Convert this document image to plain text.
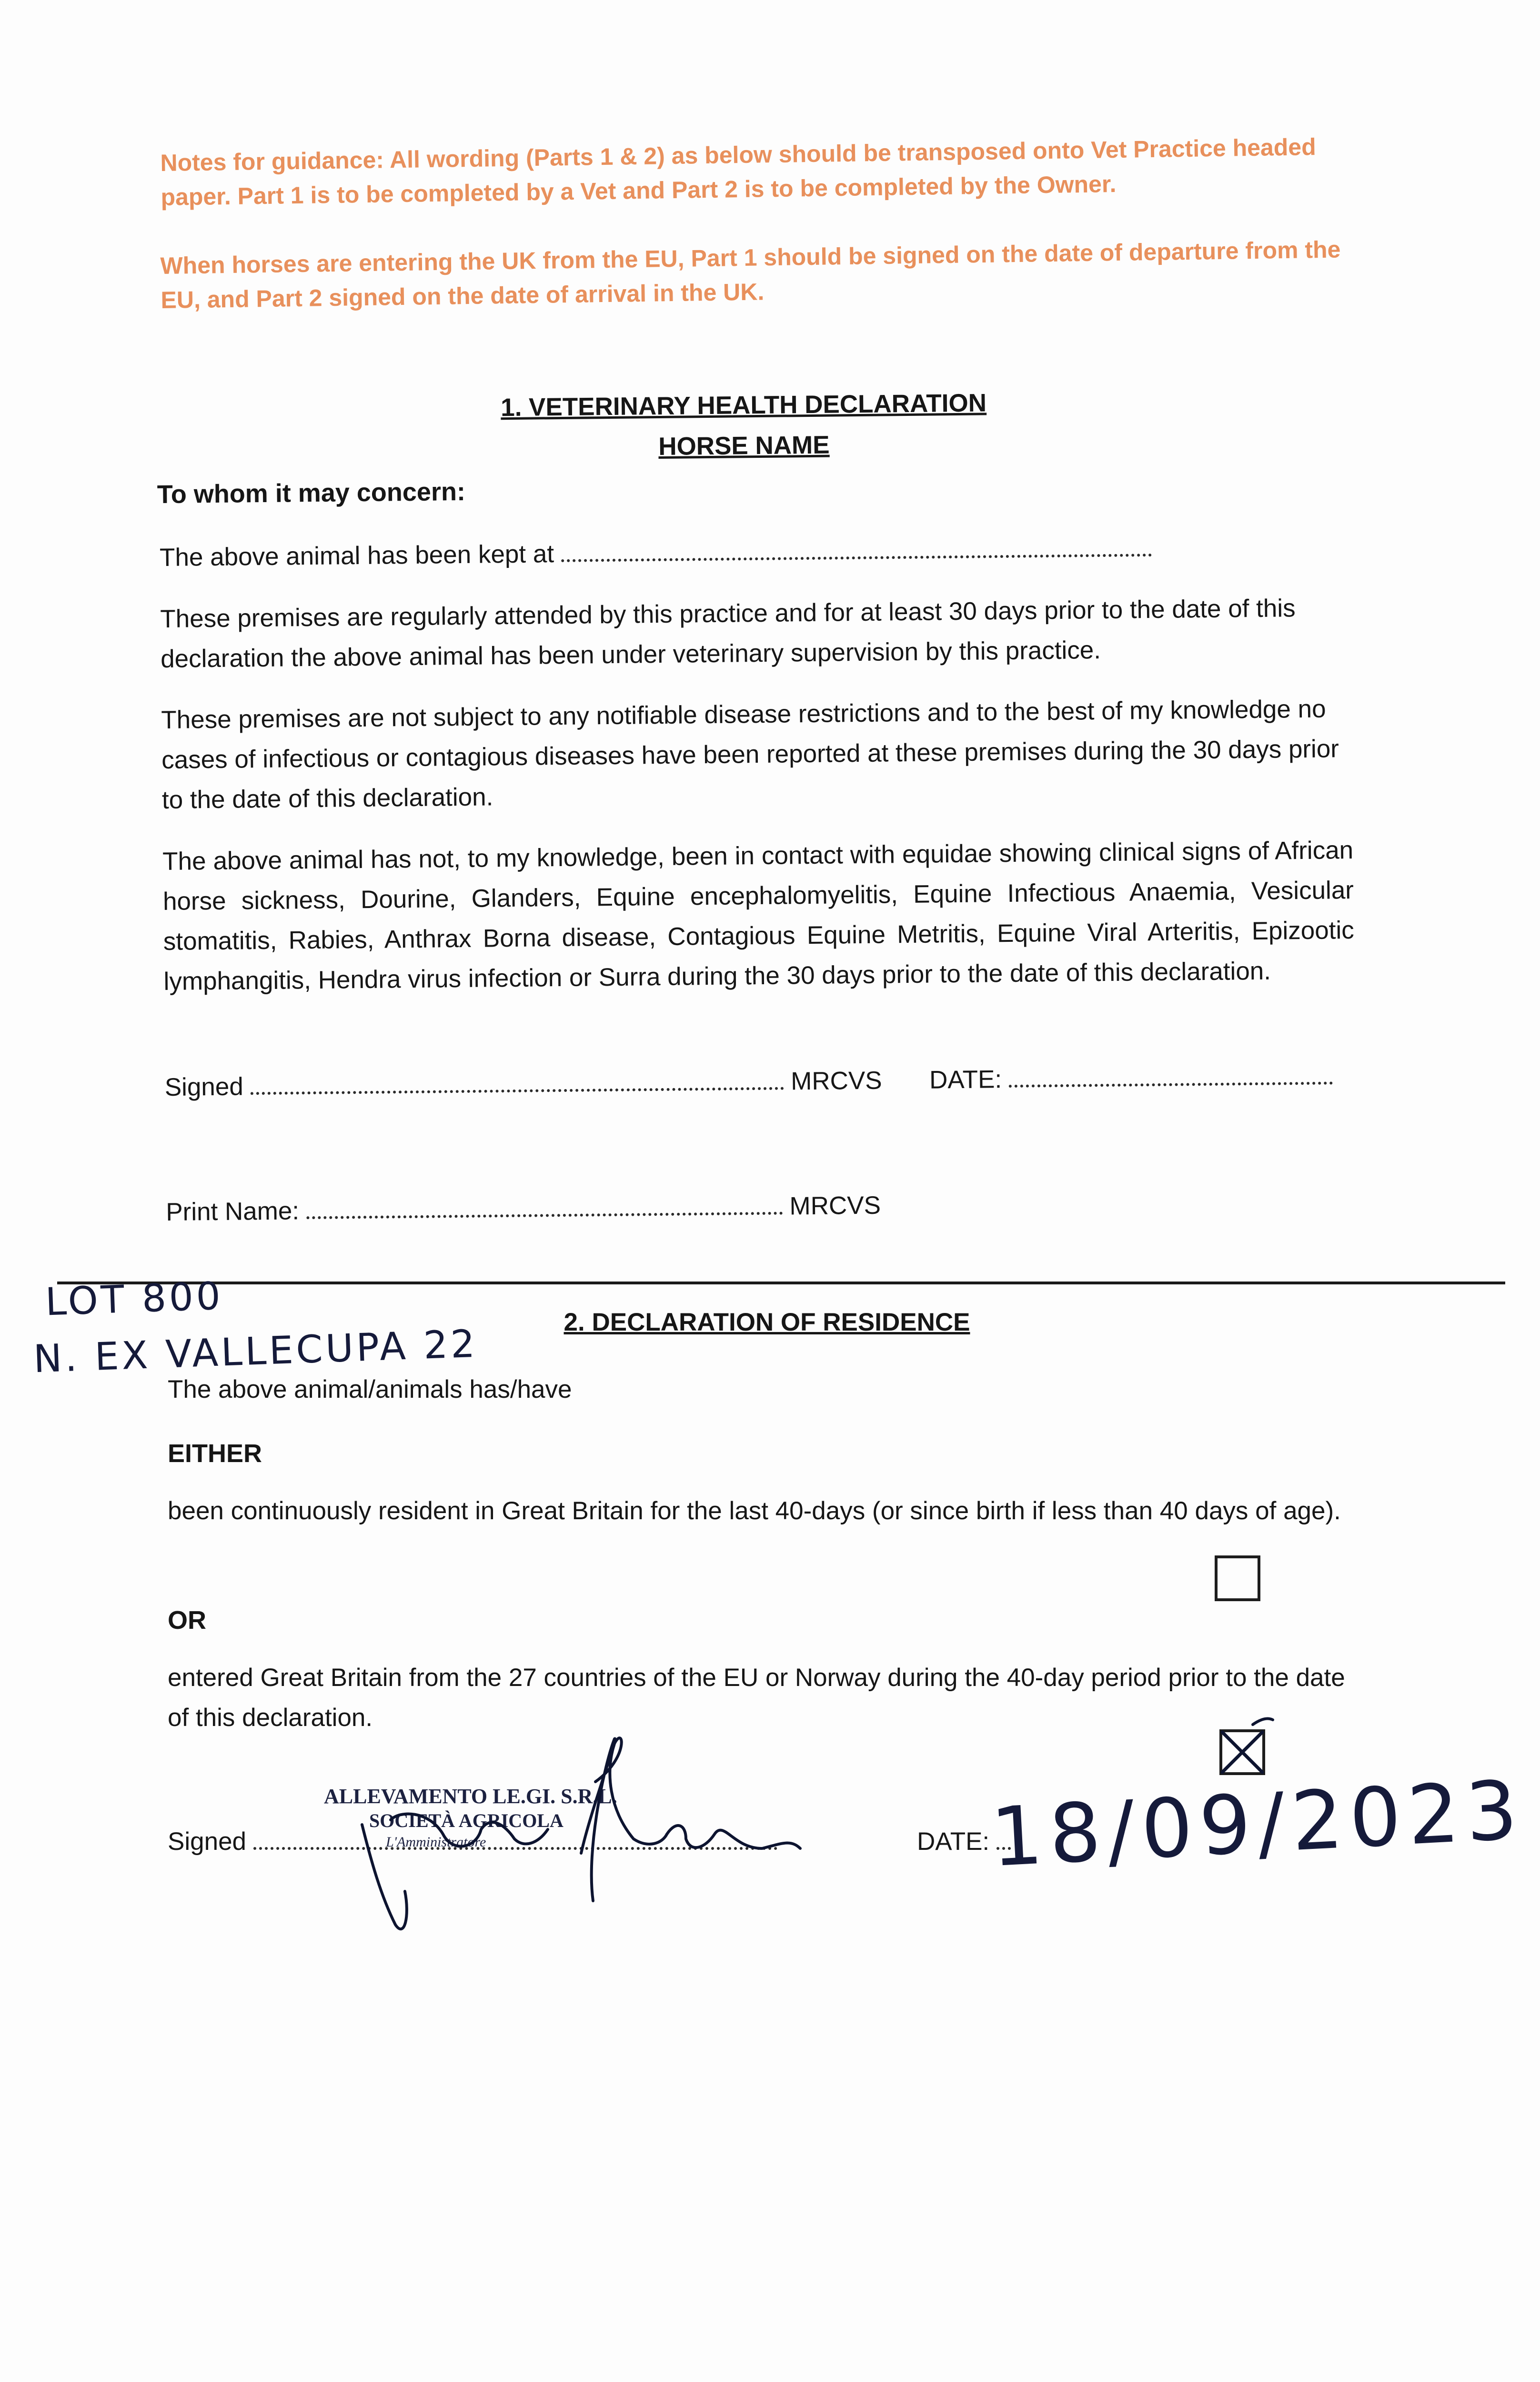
Notes for guidance: All wording (Parts 1 & 2) as below should be transposed onto Vet Practice headed paper. Part 1 is to be completed by a Vet and Part 2 is to be completed by the Owner.

When horses are entering the UK from the EU, Part 1 should be signed on the date of departure from the EU, and Part 2 signed on the date of arrival in the UK.

1. VETERINARY HEALTH DECLARATION
HORSE NAME
To whom it may concern:
The above animal has been kept at

These premises are regularly attended by this practice and for at least 30 days prior to the date of this declaration the above animal has been under veterinary supervision by this practice.

These premises are not subject to any notifiable disease restrictions and to the best of my knowledge no cases of infectious or contagious diseases have been reported at these premises during the 30 days prior to the date of this declaration.

The above animal has not, to my knowledge, been in contact with equidae showing clinical signs of African horse sickness, Dourine, Glanders, Equine encephalomyelitis, Equine Infectious Anaemia, Vesicular stomatitis, Rabies, Anthrax Borna disease, Contagious Equine Metritis, Equine Viral Arteritis, Epizootic lymphangitis, Hendra virus infection or Surra during the 30 days prior to the date of this declaration.

Signed	MRCVS DATE:
Print Name:	MRCVS
LOT 800
N. EX VALLECUPA 22	2. DECLARATION OF RESIDENCE
The above animal/animals has/have
EITHER

been continuously resident in Great Britain for the last 40-days (or since birth if less than 40 days of age).

OR

entered Great Britain from the 27 countries of the EU or Norway during the 40-day period prior to the date of this declaration.

Signed	DATE:
18/09/2023
ALLEVAMENTO LE.GI. S.R.L.
SOCIETÀ AGRICOLA
L'Amministratore
